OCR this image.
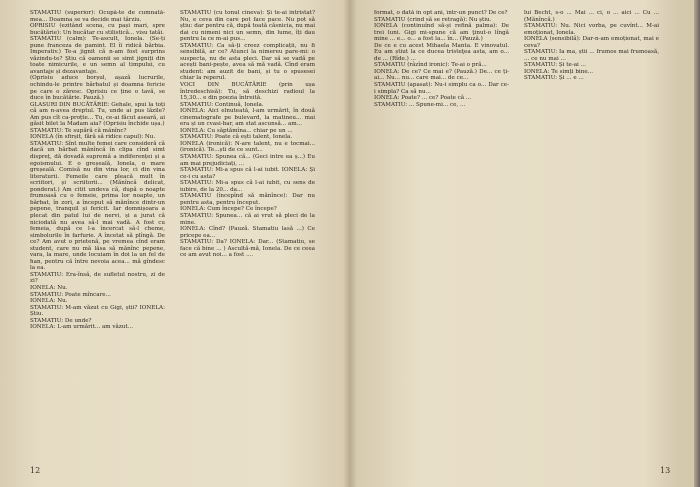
STAMATIU (superior): Ocupă-te de cumnată-mea... Doamna se va decide mai târziu.

OPRISIU (ezitând scena, cu pași mari, spre bucătărie): Un bucătar cu stilistică... visu tatăi.

STAMATIU (calm): Te-ascult, Ionela. (Se-ți pune franceza de pamint. El îi ridică bărbia. Imperativ.) Te-a jignit că n-am fost surprins văzindu-te? Știu că oamenii se simt jigniți din toate nimicurile, e un semn al timpului, cu avantaje și dezavantaje.

(Oprisiu aduce borșul, așază lucrurile, ochindu-le printre bărbatul și doamna fericie pe care o zăresc. Oprisiu ce ține o tavă, se duce în bucătărie. Pauză.)

GLASURI DIN BUCĂTĂRIE: Gehale, spui la toți că am n-avea dreptul. Tu, unde ai pus lăzile? Am pus cît ca-proțte... Tu, ce-ai făcut aseară, ai găsit bilet la Madam aia? (Oprisiu închide ușa.)

STAMATIU: Te supără că mănînc?

IONELA (în sfirșit, fără să ridice capul): Nu.

STAMATIU: Sînt multe femei care consideră că dacă un bărbat mănîncă în clipa cînd simt dispreț, dă dovadă supremă a indiferenței și a egoismului. E o greșeală, Ionela, o mare greșeală. Comisă nu din vina lor, ci din vina literaturii. Femeile care pleacă mult în scriitori, și scriitorii... (Mănîncă delicat, ponderat.) Am citit undeva că, după o noapte frumoasă cu o femeie, prima lor noapte, un bărbat, în zori, a început să mănînce dintr-un pepene, tranquil și fericit. Iar domnișoara a plecat din patul lui de nervi, și a jurat că niciodată nu avea să-l mai vadă. A fost cu femeia, după ce l-a încercat să-l cheme, simbolurile în farfurie. A încetat să plîngă. De ce? Am avut o prietenă, pe vremea cînd eram student, care nu mă lăsa să mănînc pepene, vara, la mare, unde locuiam în doi la un fel de han, pentru că între nevoia acea... mă gîndesc la ea.

STAMATIU: Era-însă, de sufletul nostru, zi de zi?

IONELA: Nu.

STAMATIU: Poate mîncare...

IONELA: Nu.

STAMATIU: M-am văzut cu Gigi, știi? IONELA: Știu.

STAMATIU: De unde?

IONELA: L-am urmărit... am văzut...

STAMATIU (cu tonul cineva): Și te-ai întristat? Nu, e ceva din care pot face pace. Nu pot să știu: dar pentru că, după toată căsnicia, nu mai dai cu nimeni nici un semn, din lume, îți dau pentru la ce m-ai pus...

STAMATIU: Ca să-ți creez complicații, nu fi sensibilă, ar ce? Atunci la nimereu pare-mi: o suspecta, nu de asta pleci. Dar să se vadă pe acești bani-pește, avea să mă vadă. Cînd eram student: am auzit de bani, și tu o spusesei chiar la reperul.

VOCI DIN BUCĂTĂRIE (prin ușa întredeschisă): Tu, să deschizi radioul la 15,30... e din poezia întreită.

STAMATIU: Continuă, Ionela.

IONELA: Aici elnuteată, l-am urmărit, în două cinematografe pe bulevard, la matineu... mai era și un cvasi-bar, am stat ascunsă... am...

IONELA: Cu săptămîna... chiar pe un ...

STAMATIU: Poate că ești talent, Ionela.

IONELA (ironică): N-are talent, nu e tocmai... (ironică). Te...ști de ce sunt...

STAMATIU: Spunea că... (Geci intre ea ș...) Eu am mai prejudiciați, ...

STAMATIU: Mi-a spus că l-ai iubit. IONELA: Și ce-i cu asta?

STAMATIU: Mi-a spus că l-ai iubit, cu sens de iubire, de la 20... da...

STAMATIU (începînd să mănînce): Dar nu pentru asta, pentru început.

IONELA: Cum începe? Ce începe?

STAMATIU: Spunea... că ai vrut să pleci de la mine.

IONELA: Cînd? (Pauză. Stamatiu lasă ...) Ce pricepe ea...

STAMATIU: Da? IONELA: Dar... (Stamatiu, se face că bine ... ) Ascultă-mă, Ionela. De ce ceea ce am avut noi... a fost ....

12

format, o dată în opt ani, într-un punct? De ce?

STAMATIU (crind să se retragă): Nu știu.

IONELA (continuînd să-și refină palma): De trei luni. Gigi mi-spune că am ţinut-o lîngă mine ... e... o... a fost la... în... (Pauză.)

De ce e cu acest Mihaela Manta. E vinovatul. Eu am știut la ce ducea tristeţea asta, am o... de ... (Rîde.) ...

STAMATIU (râzînd ironic): Te-ai o pră...

IONELA: De ce? Ce mai e? (Pauză.) De... ce ți-ai... Nu... nu... care mai... de ce...

STAMATIU (apasat): Nu-i simplu ca o... Dar ce-i simpla? Ca să nu...

IONELA: Poate? ... ce? Poate că ...

STAMATIU: ... Spune-mi... ce, ...

lui Becht, s-o ... Mai ... ci, o ... aici ... Cu ... (Mănîncă.)

STAMATIU: Nu. Nici vorba, pe cuvînt... M-ai emoționat, Ionela.

IONELA (sensibilă): Dar-n-am emoționat, mai e ceva?

STAMATIU: Ia ma, știi ... frumos mai frumoasă, ... ce nu mai ...

STAMATIU: Și te-ai ...

IONELA: Te simți bine...

STAMATIU: Și ... e ...

13
